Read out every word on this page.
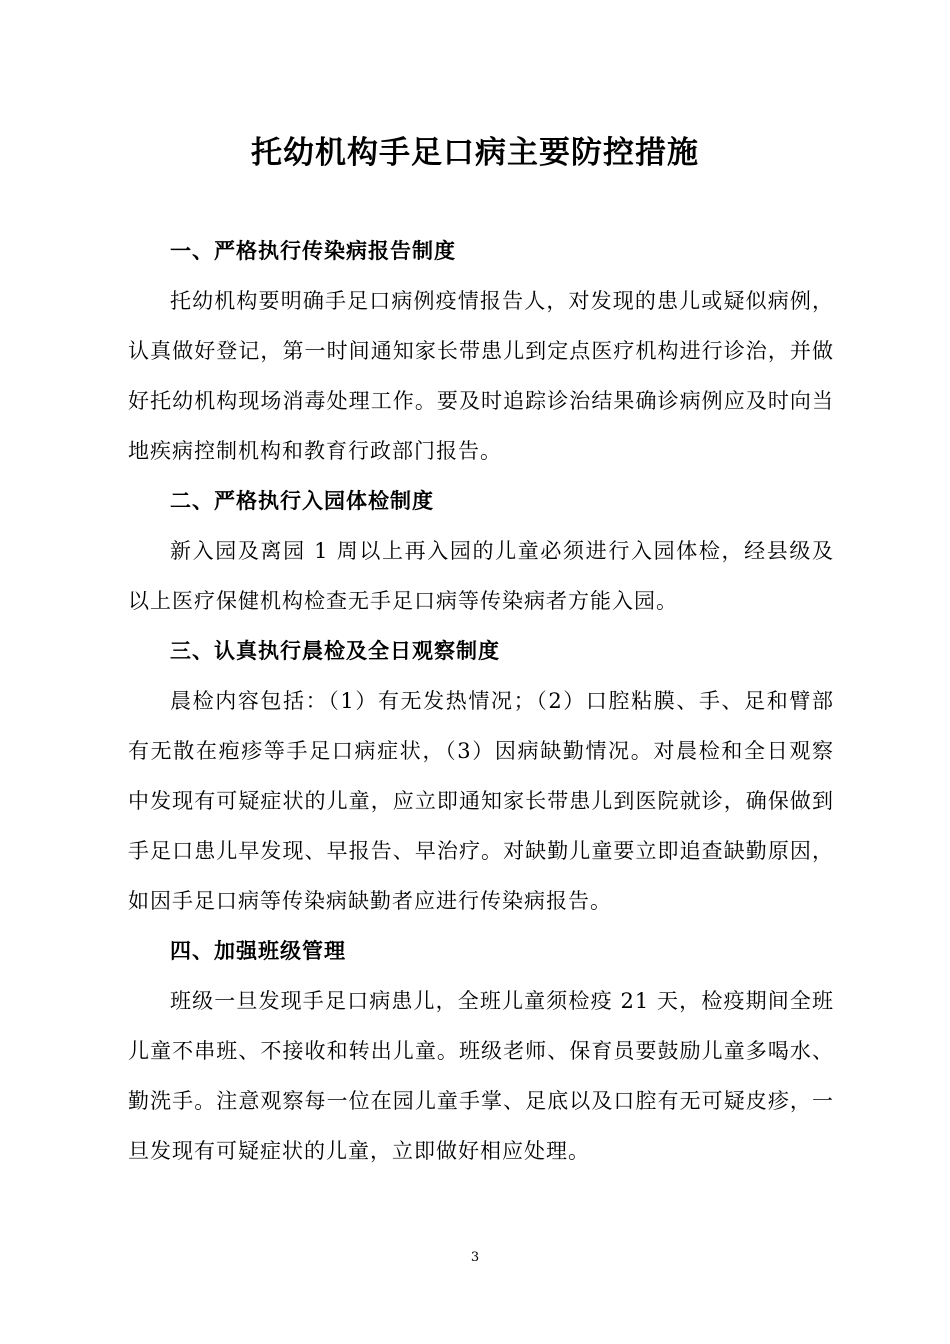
托幼机构手足口病主要防控措施

一、严格执行传染病报告制度

托幼机构要明确手足口病例疫情报告人，对发现的患儿或疑似病例，认真做好登记，第一时间通知家长带患儿到定点医疗机构进行诊治，并做好托幼机构现场消毒处理工作。要及时追踪诊治结果确诊病例应及时向当地疾病控制机构和教育行政部门报告。

二、严格执行入园体检制度

新入园及离园 1 周以上再入园的儿童必须进行入园体检，经县级及以上医疗保健机构检查无手足口病等传染病者方能入园。

三、认真执行晨检及全日观察制度

晨检内容包括：（1）有无发热情况；（2）口腔粘膜、手、足和臂部有无散在疱疹等手足口病症状，（3）因病缺勤情况。对晨检和全日观察中发现有可疑症状的儿童，应立即通知家长带患儿到医院就诊，确保做到手足口患儿早发现、早报告、早治疗。对缺勤儿童要立即追查缺勤原因，如因手足口病等传染病缺勤者应进行传染病报告。

四、加强班级管理

班级一旦发现手足口病患儿，全班儿童须检疫 21 天，检疫期间全班儿童不串班、不接收和转出儿童。班级老师、保育员要鼓励儿童多喝水、勤洗手。注意观察每一位在园儿童手掌、足底以及口腔有无可疑皮疹，一旦发现有可疑症状的儿童，立即做好相应处理。

3
